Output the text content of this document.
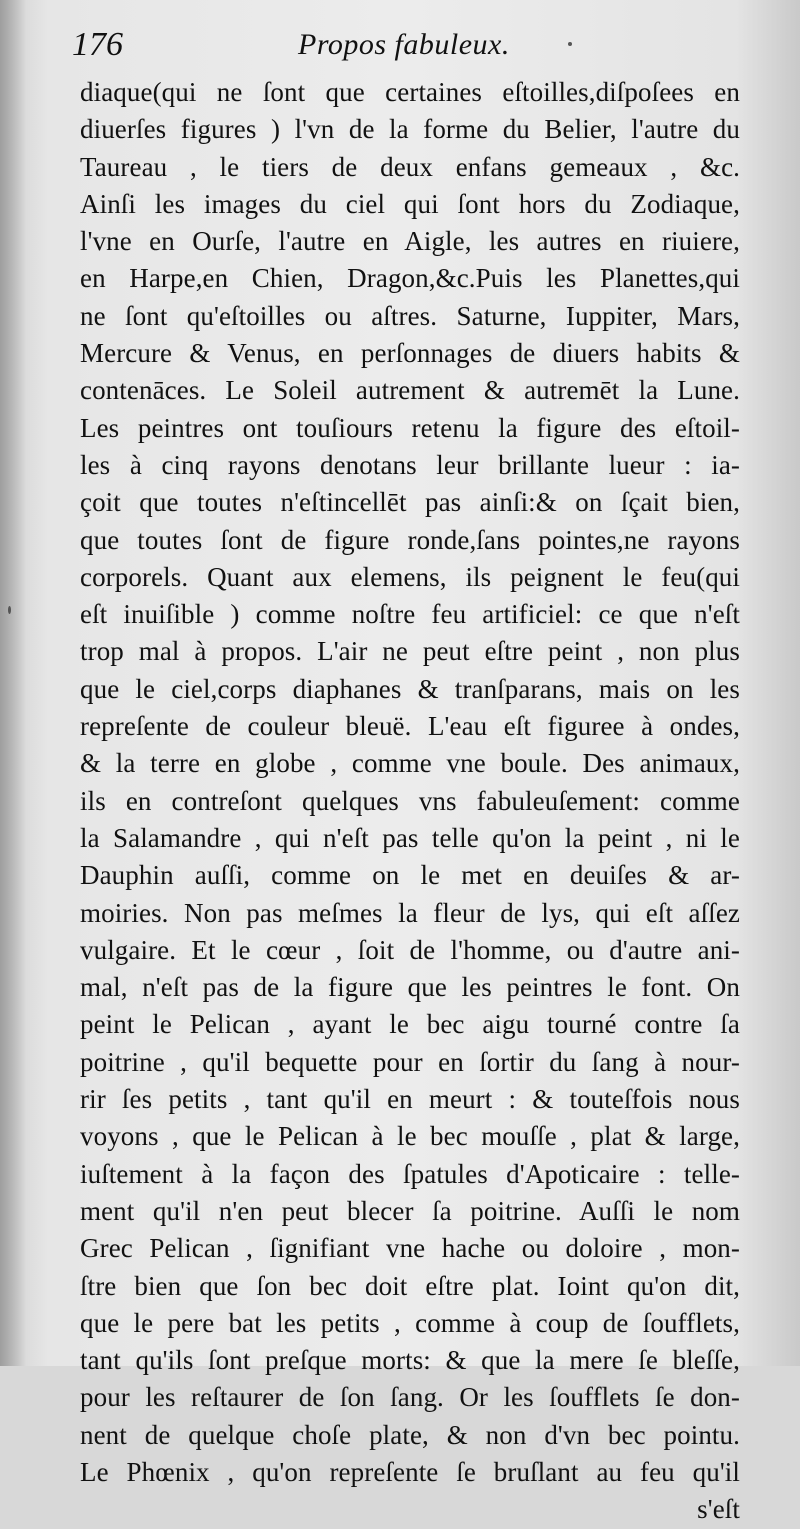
176	Propos fabuleux.
diaque(qui ne ſont que certaines eſtoilles,diſpoſees en
diuerſes figures ) l'vn de la forme du Belier, l'autre du
Taureau , le tiers de deux enfans gemeaux , &c.
Ainſi les images du ciel qui ſont hors du Zodiaque,
l'vne en Ourſe, l'autre en Aigle, les autres en riuiere,
en Harpe,en Chien, Dragon,&c.Puis les Planettes,qui
ne ſont qu'eſtoilles ou aſtres. Saturne, Iuppiter, Mars,
Mercure & Venus, en perſonnages de diuers habits &
contenāces. Le Soleil autrement & autremēt la Lune.
Les peintres ont touſiours retenu la figure des eſtoil-
les à cinq rayons denotans leur brillante lueur : ia-
çoit que toutes n'eſtincellēt pas ainſi:& on ſçait bien,
que toutes ſont de figure ronde,ſans pointes,ne rayons
corporels. Quant aux elemens, ils peignent le feu(qui
eſt inuiſible ) comme noſtre feu artificiel: ce que n'eſt
trop mal à propos. L'air ne peut eſtre peint , non plus
que le ciel,corps diaphanes & tranſparans, mais on les
repreſente de couleur bleuë. L'eau eſt figuree à ondes,
& la terre en globe , comme vne boule. Des animaux,
ils en contreſont quelques vns fabuleuſement: comme
la Salamandre , qui n'eſt pas telle qu'on la peint , ni le
Dauphin auſſi, comme on le met en deuiſes & ar-
moiries. Non pas meſmes la fleur de lys, qui eſt aſſez
vulgaire. Et le cœur , ſoit de l'homme, ou d'autre ani-
mal, n'eſt pas de la figure que les peintres le font. On
peint le Pelican , ayant le bec aigu tourné contre ſa
poitrine , qu'il bequette pour en ſortir du ſang à nour-
rir ſes petits , tant qu'il en meurt : & touteſfois nous
voyons , que le Pelican à le bec mouſſe , plat & large,
iuſtement à la façon des ſpatules d'Apoticaire : telle-
ment qu'il n'en peut blecer ſa poitrine. Auſſi le nom
Grec Pelican , ſignifiant vne hache ou doloire , mon-
ſtre bien que ſon bec doit eſtre plat. Ioint qu'on dit,
que le pere bat les petits , comme à coup de ſoufflets,
tant qu'ils ſont preſque morts: & que la mere ſe bleſſe,
pour les reſtaurer de ſon ſang. Or les ſoufflets ſe don-
nent de quelque choſe plate, & non d'vn bec pointu.
Le Phœnix , qu'on repreſente ſe bruſlant au feu qu'il
s'eſt
